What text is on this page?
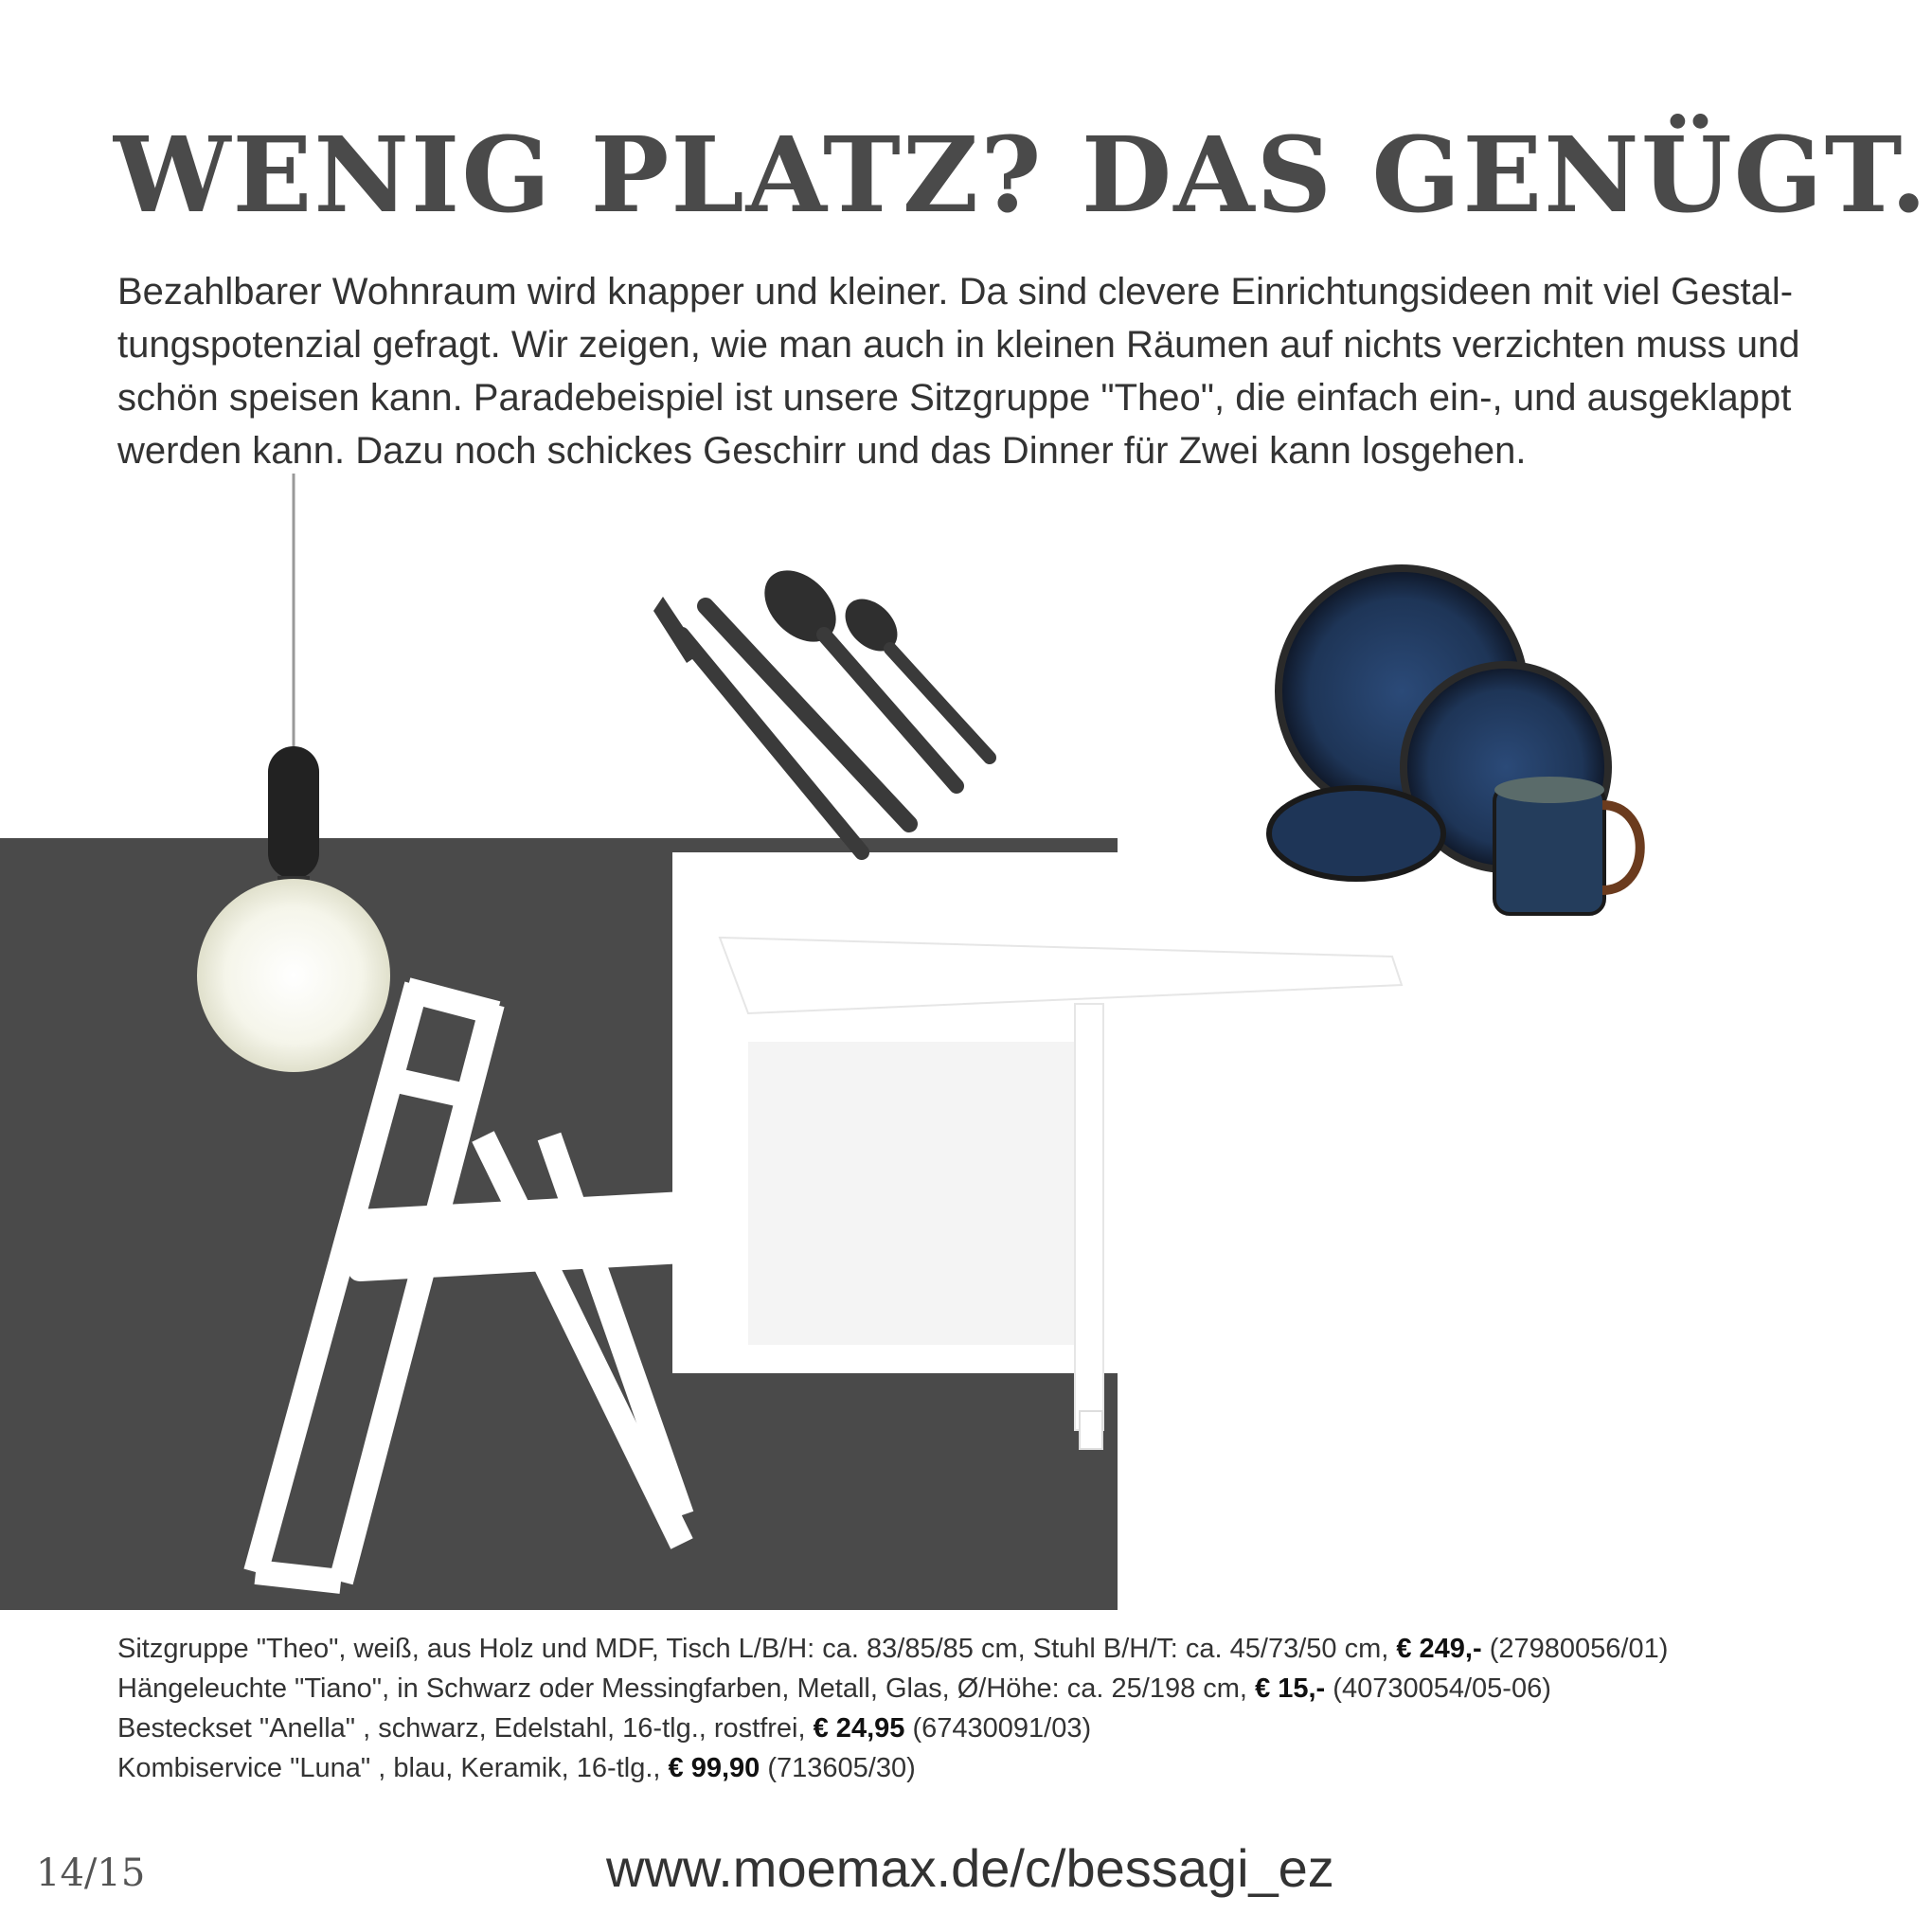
WENIG PLATZ? DAS GENÜGT.

Bezahlbarer Wohnraum wird knapper und kleiner. Da sind clevere Einrichtungsideen mit viel Gestal-

tungspotenzial gefragt. Wir zeigen, wie man auch in kleinen Räumen auf nichts verzichten muss und

schön speisen kann. Paradebeispiel ist unsere Sitzgruppe "Theo", die einfach ein-, und ausgeklappt

werden kann. Dazu noch schickes Geschirr und das Dinner für Zwei kann losgehen.

Sitzgruppe "Theo", weiß, aus Holz und MDF, Tisch L/B/H: ca. 83/85/85 cm, Stuhl B/H/T: ca. 45/73/50 cm, € 249,- (27980056/01)
Hängeleuchte "Tiano", in Schwarz oder Messingfarben, Metall, Glas, Ø/Höhe: ca. 25/198 cm, € 15,- (40730054/05-06)
Besteckset "Anella" , schwarz, Edelstahl, 16-tlg., rostfrei, € 24,95 (67430091/03)
Kombiservice "Luna" , blau, Keramik, 16-tlg., € 99,90 (713605/30)
14/15	www.moemax.de/c/bessagi_ez
